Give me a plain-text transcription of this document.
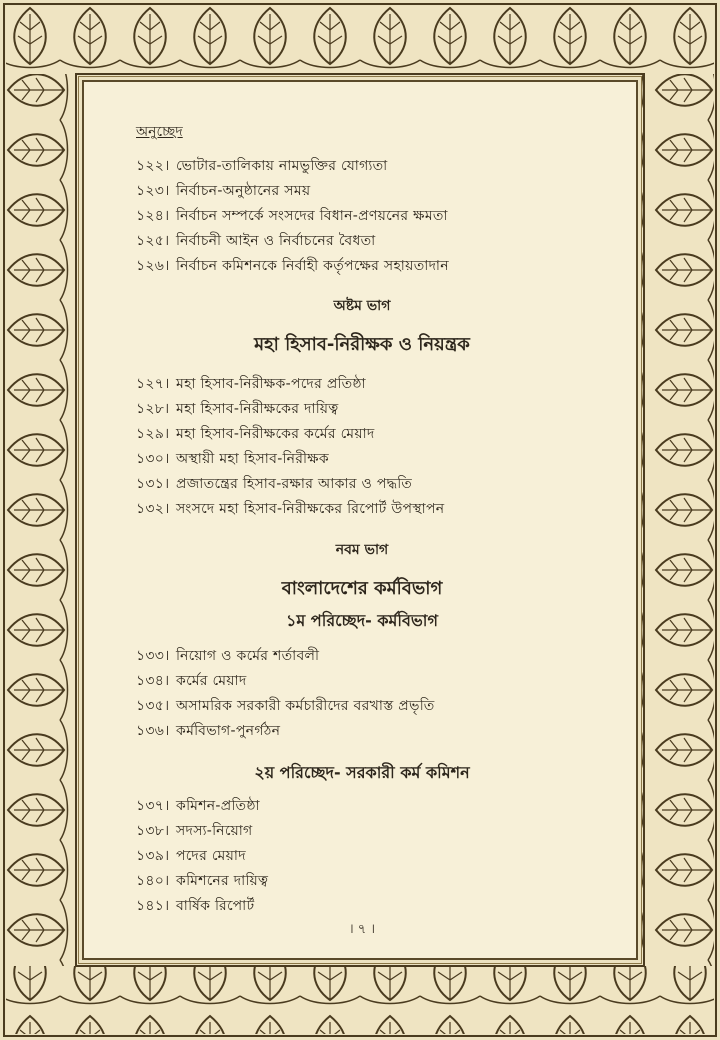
অনুচ্ছেদ
১২২। ভোটার-তালিকায় নামভুক্তির যোগ্যতা
১২৩। নির্বাচন-অনুষ্ঠানের সময়
১২৪। নির্বাচন সম্পর্কে সংসদের বিধান-প্রণয়নের ক্ষমতা
১২৫। নির্বাচনী আইন ও নির্বাচনের বৈধতা
১২৬। নির্বাচন কমিশনকে নির্বাহী কর্তৃপক্ষের সহায়তাদান
অষ্টম ভাগ
মহা হিসাব-নিরীক্ষক ও নিয়ন্ত্রক
১২৭। মহা হিসাব-নিরীক্ষক-পদের প্রতিষ্ঠা
১২৮। মহা হিসাব-নিরীক্ষকের দায়িত্ব
১২৯। মহা হিসাব-নিরীক্ষকের কর্মের মেয়াদ
১৩০। অস্থায়ী মহা হিসাব-নিরীক্ষক
১৩১। প্রজাতন্ত্রের হিসাব-রক্ষার আকার ও পদ্ধতি
১৩২। সংসদে মহা হিসাব-নিরীক্ষকের রিপোর্ট উপস্থাপন
নবম ভাগ
বাংলাদেশের কর্মবিভাগ
১ম পরিচ্ছেদ- কর্মবিভাগ
১৩৩। নিয়োগ ও কর্মের শর্তাবলী
১৩৪। কর্মের মেয়াদ
১৩৫। অসামরিক সরকারী কর্মচারীদের বরখাস্ত প্রভৃতি
১৩৬। কর্মবিভাগ-পুনর্গঠন
২য় পরিচ্ছেদ- সরকারী কর্ম কমিশন
১৩৭। কমিশন-প্রতিষ্ঠা
১৩৮। সদস্য-নিয়োগ
১৩৯। পদের মেয়াদ
১৪০। কমিশনের দায়িত্ব
১৪১। বার্ষিক রিপোর্ট
। ৭ ।
